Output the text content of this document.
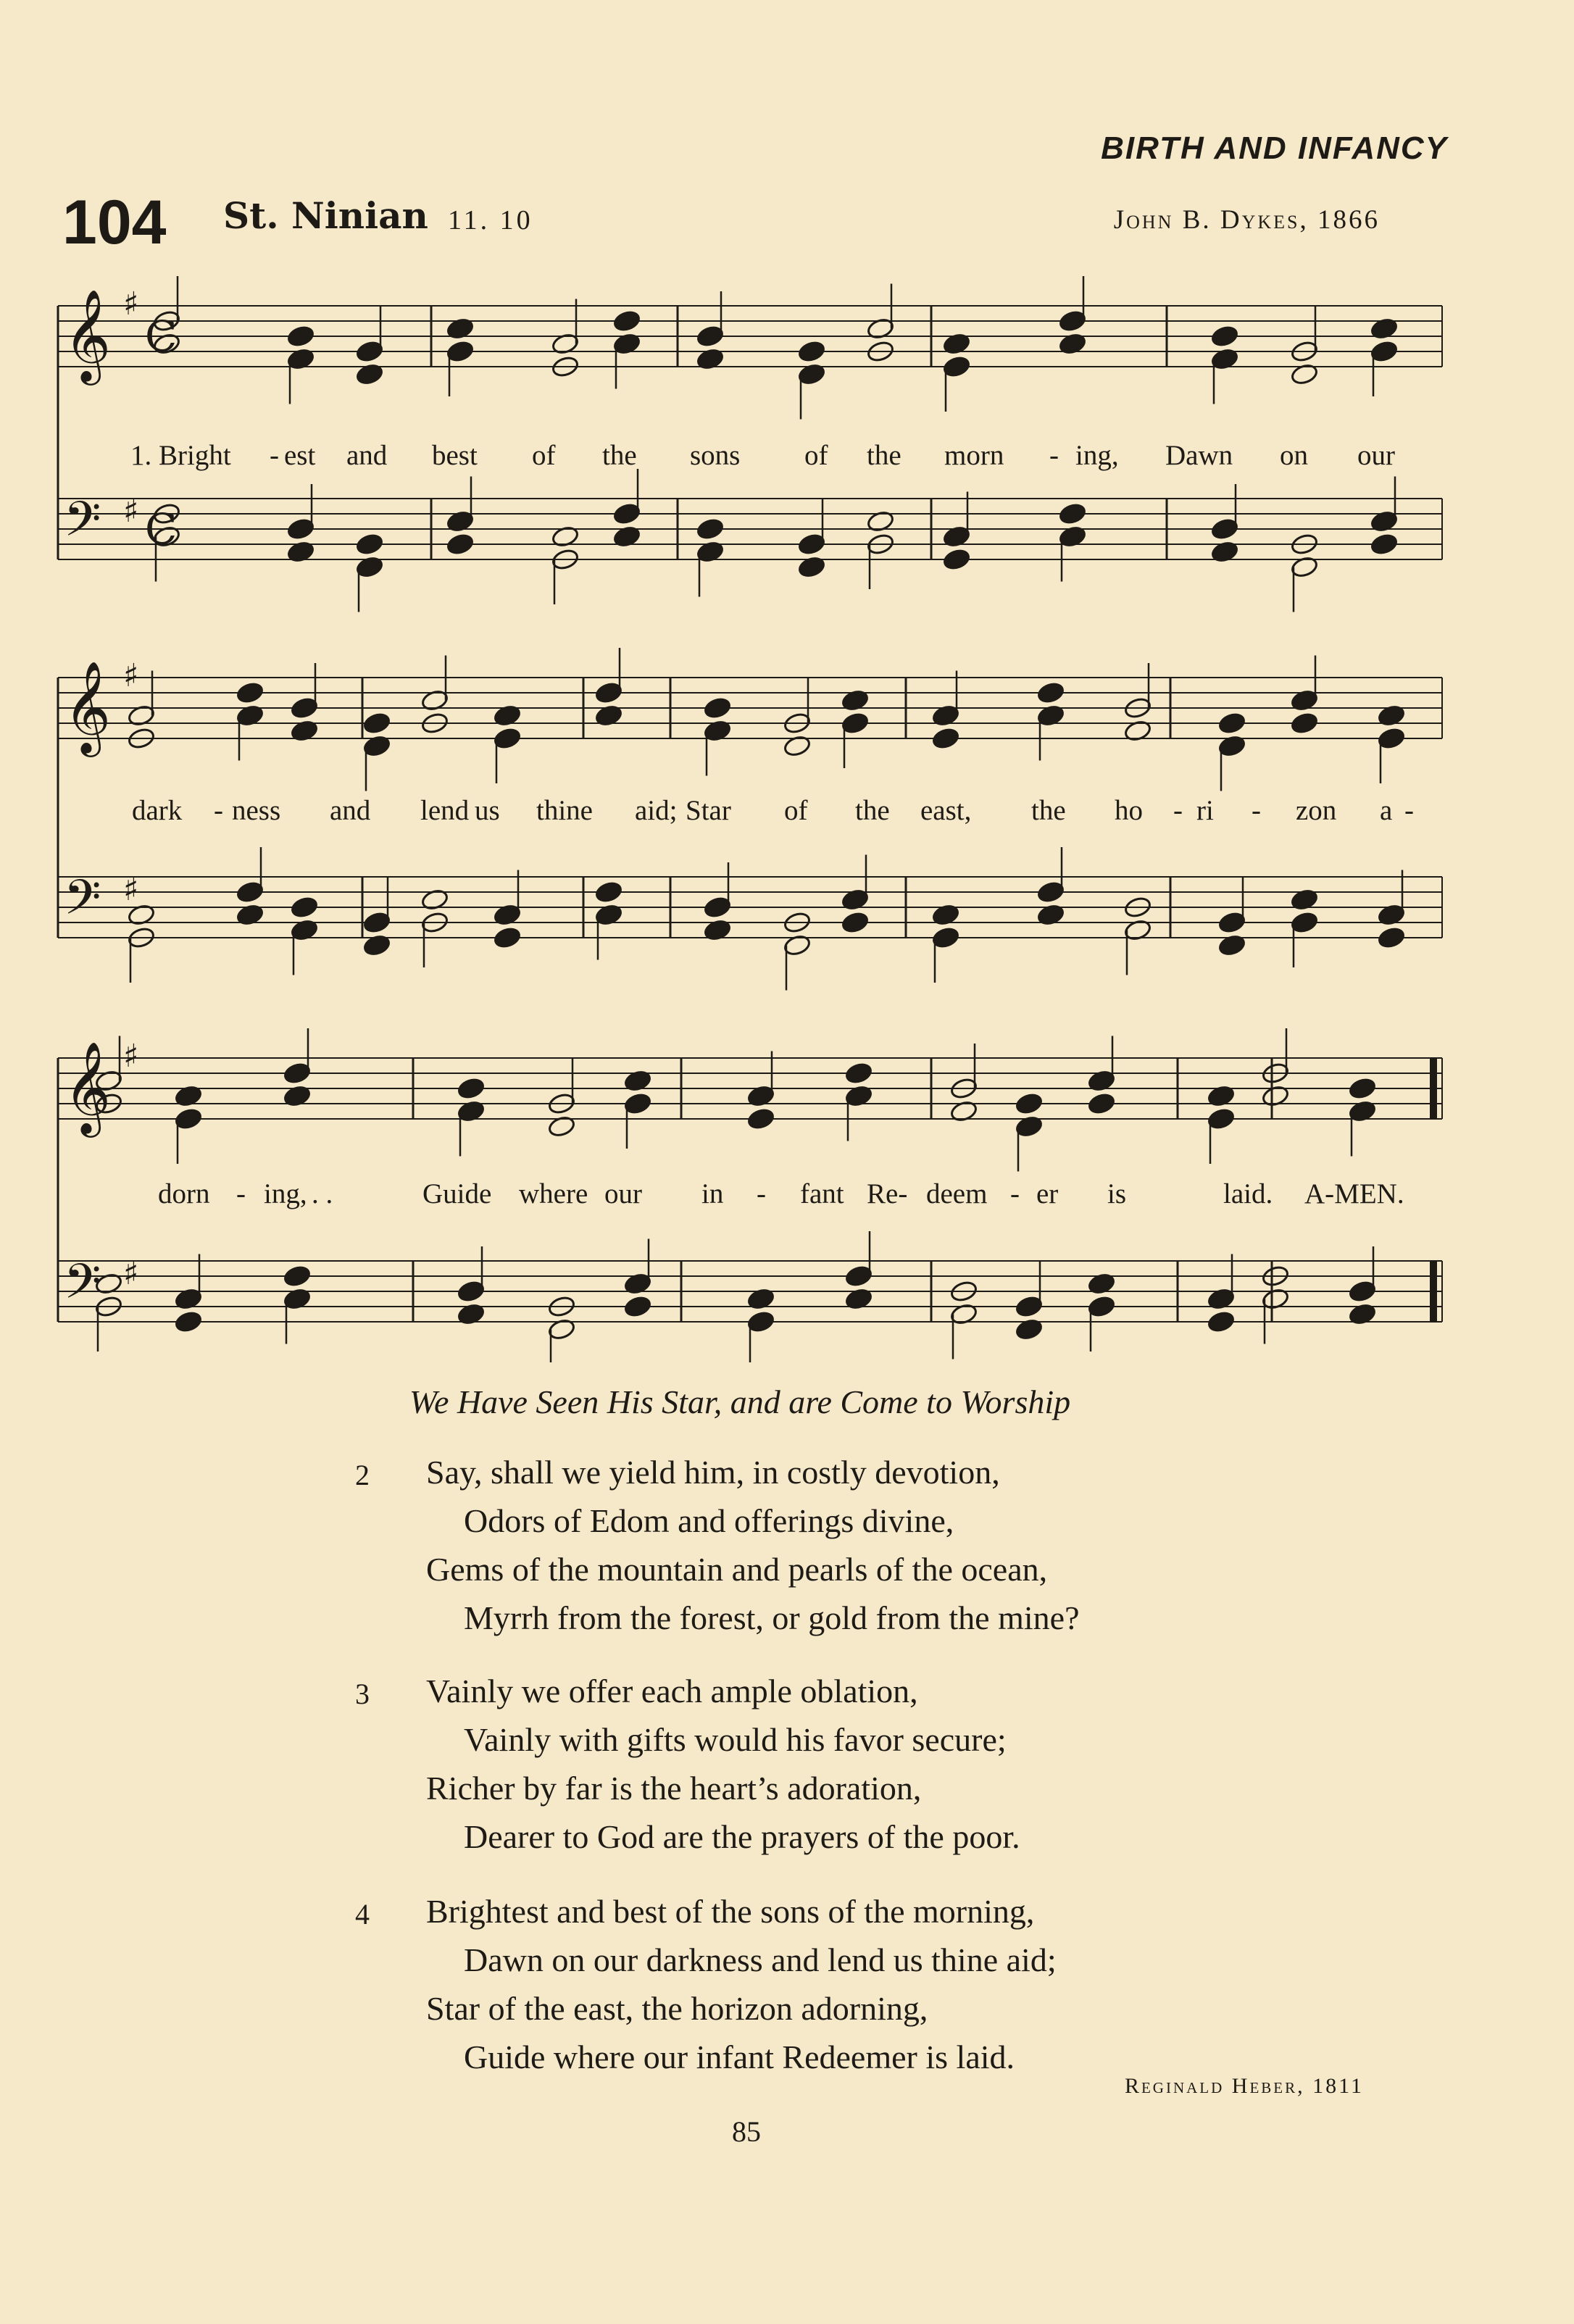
BIRTH AND INFANCY
104 St. Ninian 11. 10	John B. Dykes, 1866
𝄞 ♯
C
𝄢 ♯ C
𝄞 ♯
𝄢 ♯
𝄞 ♯
𝄢 ♯
1. Bright - est and best of the sons of the morn - ing, Dawn on our
dark - ness and lend us thine aid; Star of the east, the ho - ri - zon a -
dorn - ing, . .	Guide where our in - fant Re- deem - er is	laid. A-MEN.
We Have Seen His Star, and are Come to Worship
2 Say, shall we yield him, in costly devotion,
Odors of Edom and offerings divine,
Gems of the mountain and pearls of the ocean,
Myrrh from the forest, or gold from the mine?
3 Vainly we offer each ample oblation,
Vainly with gifts would his favor secure;
Richer by far is the heart’s adoration,
Dearer to God are the prayers of the poor.
4 Brightest and best of the sons of the morning,
Dawn on our darkness and lend us thine aid;
Star of the east, the horizon adorning,
Guide where our infant Redeemer is laid.
Reginald Heber, 1811
85
